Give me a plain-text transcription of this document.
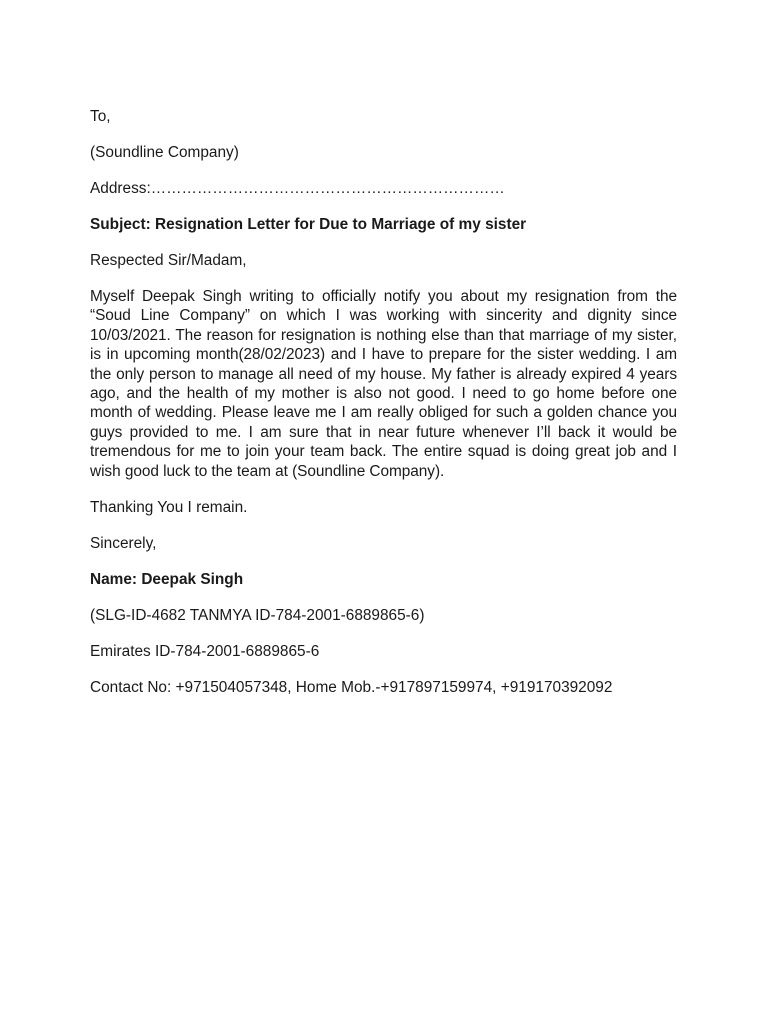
To,
(Soundline Company)
Address:……………………………………………………………
Subject: Resignation Letter for Due to Marriage of my sister
Respected Sir/Madam,
Myself Deepak Singh writing to officially notify you about my resignation from the “Soud Line Company” on which I was working with sincerity and dignity since 10/03/2021. The reason for resignation is nothing else than that marriage of my sister, is in upcoming month(28/02/2023) and I have to prepare for the sister wedding. I am the only person to manage all need of my house. My father is already expired 4 years ago, and the health of my mother is also not good. I need to go home before one month of wedding. Please leave me I am really obliged for such a golden chance you guys provided to me. I am sure that in near future whenever I’ll back it would be tremendous for me to join your team back. The entire squad is doing great job and I wish good luck to the team at (Soundline Company).
Thanking You I remain.
Sincerely,
Name: Deepak Singh
(SLG-ID-4682 TANMYA ID-784-2001-6889865-6)
Emirates ID-784-2001-6889865-6
Contact No: +971504057348, Home Mob.-+917897159974, +919170392092
